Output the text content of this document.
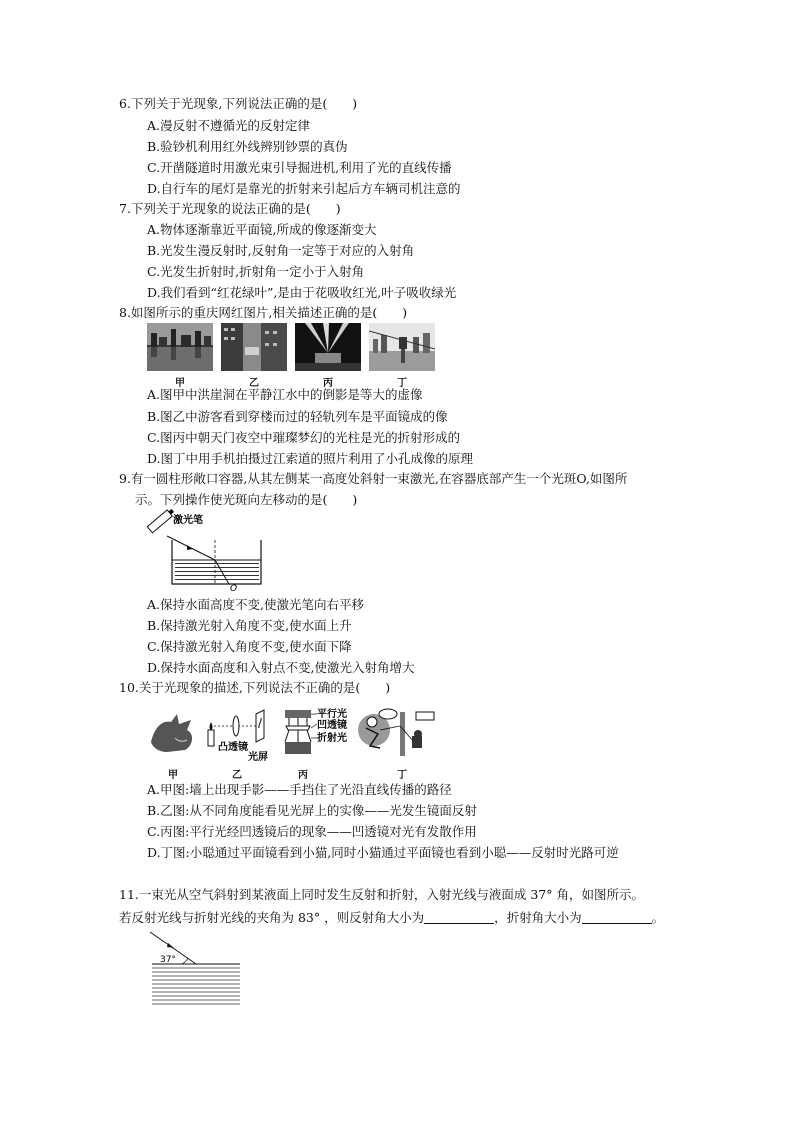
6.下列关于光现象,下列说法正确的是(　　)
A.漫反射不遵循光的反射定律
B.验钞机利用红外线辨别钞票的真伪
C.开凿隧道时用激光束引导掘进机,利用了光的直线传播
D.自行车的尾灯是靠光的折射来引起后方车辆司机注意的
7.下列关于光现象的说法正确的是(　　)
A.物体逐渐靠近平面镜,所成的像逐渐变大
B.光发生漫反射时,反射角一定等于对应的入射角
C.光发生折射时,折射角一定小于入射角
D.我们看到“红花绿叶”,是由于花吸收红光,叶子吸收绿光
8.如图所示的重庆网红图片,相关描述正确的是(　　)
甲	乙	丙	丁
A.图甲中洪崖洞在平静江水中的倒影是等大的虚像
B.图乙中游客看到穿楼而过的轻轨列车是平面镜成的像
C.图丙中朝天门夜空中璀璨梦幻的光柱是光的折射形成的
D.图丁中用手机拍摄过江索道的照片利用了小孔成像的原理
9.有一圆柱形敞口容器,从其左侧某一高度处斜射一束激光,在容器底部产生一个光斑O,如图所
示。下列操作使光斑向左移动的是(　　)
激光笔
O
A.保持水面高度不变,使激光笔向右平移
B.保持激光射入角度不变,使水面上升
C.保持激光射入角度不变,使水面下降
D.保持水面高度和入射点不变,使激光入射角增大
10.关于光现象的描述,下列说法不正确的是(　　)
凸透镜
光屏
平行光
凹透镜
折射光
甲	乙	丙	丁
A.甲图:墙上出现手影——手挡住了光沿直线传播的路径
B.乙图:从不同角度能看见光屏上的实像——光发生镜面反射
C.丙图:平行光经凹透镜后的现象——凹透镜对光有发散作用
D.丁图:小聪通过平面镜看到小猫,同时小猫通过平面镜也看到小聪——反射时光路可逆
11.一束光从空气斜射到某液面上同时发生反射和折射，入射光线与液面成 37° 角，如图所示。
若反射光线与折射光线的夹角为 83° ，则反射角大小为	，折射角大小为	。
37°
